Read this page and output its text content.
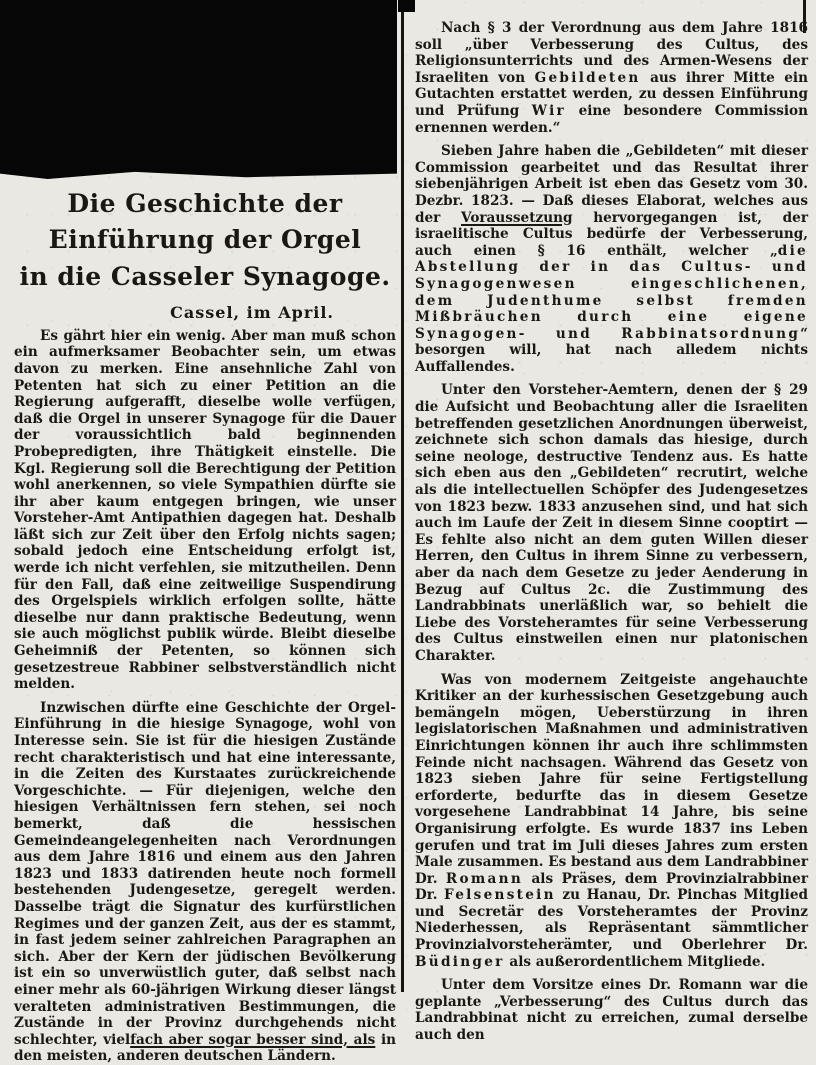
Die Geschichte der Einführung der Orgel
in die Casseler Synagoge.

Cassel, im April.

Es gährt hier ein wenig. Aber man muß schon ein aufmerksamer Beobachter sein, um etwas davon zu merken. Eine ansehnliche Zahl von Petenten hat sich zu einer Petition an die Regierung aufgerafft, dieselbe wolle verfügen, daß die Orgel in unserer Synagoge für die Dauer der voraussichtlich bald beginnenden Probepredigten, ihre Thätigkeit einstelle. Die Kgl. Regierung soll die Berechtigung der Petition wohl anerkennen, so viele Sympathien dürfte sie ihr aber kaum entgegen bringen, wie unser Vorsteher-Amt Antipathien dagegen hat. Deshalb läßt sich zur Zeit über den Erfolg nichts sagen; sobald jedoch eine Entscheidung erfolgt ist, werde ich nicht verfehlen, sie mitzutheilen. Denn für den Fall, daß eine zeitweilige Suspendirung des Orgelspiels wirklich erfolgen sollte, hätte dieselbe nur dann praktische Bedeutung, wenn sie auch möglichst publik würde. Bleibt dieselbe Geheimniß der Petenten, so können sich gesetzestreue Rabbiner selbstverständlich nicht melden.

Inzwischen dürfte eine Geschichte der Orgel-Einführung in die hiesige Synagoge, wohl von Interesse sein. Sie ist für die hiesigen Zustände recht charakteristisch und hat eine interessante, in die Zeiten des Kurstaates zurückreichende Vorgeschichte. — Für diejenigen, welche den hiesigen Verhältnissen fern stehen, sei noch bemerkt, daß die hessischen Gemeindeangelegenheiten nach Verordnungen aus dem Jahre 1816 und einem aus den Jahren 1823 und 1833 datirenden heute noch formell bestehenden Judengesetze, geregelt werden. Dasselbe trägt die Signatur des kurfürstlichen Regimes und der ganzen Zeit, aus der es stammt, in fast jedem seiner zahlreichen Paragraphen an sich. Aber der Kern der jüdischen Bevölkerung ist ein so unverwüstlich guter, daß selbst nach einer mehr als 60-jährigen Wirkung dieser längst veralteten administrativen Bestimmungen, die Zustände in der Provinz durchgehends nicht schlechter, vielfach aber sogar besser sind, als in den meisten, anderen deutschen Ländern.

Nach § 3 der Verordnung aus dem Jahre 1816 soll „über Verbesserung des Cultus, des Religionsunterrichts und des Armen-Wesens der Israeliten von Gebildeten aus ihrer Mitte ein Gutachten erstattet werden, zu dessen Einführung und Prüfung Wir eine besondere Commission ernennen werden.“

Sieben Jahre haben die „Gebildeten“ mit dieser Commission gearbeitet und das Resultat ihrer siebenjährigen Arbeit ist eben das Gesetz vom 30. Dezbr. 1823. — Daß dieses Elaborat, welches aus der Voraussetzung hervorgegangen ist, der israelitische Cultus bedürfe der Verbesserung, auch einen § 16 enthält, welcher „die Abstellung der in das Cultus- und Synagogenwesen eingeschlichenen, dem Judenthume selbst fremden Mißbräuchen durch eine eigene Synagogen- und Rabbinatsordnung“ besorgen will, hat nach alledem nichts Auffallendes.

Unter den Vorsteher-Aemtern, denen der § 29 die Aufsicht und Beobachtung aller die Israeliten betreffenden gesetzlichen Anordnungen überweist, zeichnete sich schon damals das hiesige, durch seine neologe, destructive Tendenz aus. Es hatte sich eben aus den „Gebildeten“ recrutirt, welche als die intellectuellen Schöpfer des Judengesetzes von 1823 bezw. 1833 anzusehen sind, und hat sich auch im Laufe der Zeit in diesem Sinne cooptirt — Es fehlte also nicht an dem guten Willen dieser Herren, den Cultus in ihrem Sinne zu verbessern, aber da nach dem Gesetze zu jeder Aenderung in Bezug auf Cultus 2c. die Zustimmung des Landrabbinats unerläßlich war, so behielt die Liebe des Vorsteheramtes für seine Verbesserung des Cultus einstweilen einen nur platonischen Charakter.

Was von modernem Zeitgeiste angehauchte Kritiker an der kurhessischen Gesetzgebung auch bemängeln mögen, Ueberstürzung in ihren legislatorischen Maßnahmen und administrativen Einrichtungen können ihr auch ihre schlimmsten Feinde nicht nachsagen. Während das Gesetz von 1823 sieben Jahre für seine Fertigstellung erforderte, bedurfte das in diesem Gesetze vorgesehene Landrabbinat 14 Jahre, bis seine Organisirung erfolgte. Es wurde 1837 ins Leben gerufen und trat im Juli dieses Jahres zum ersten Male zusammen. Es bestand aus dem Landrabbiner Dr. Romann als Präses, dem Provinzialrabbiner Dr. Felsenstein zu Hanau, Dr. Pinchas Mitglied und Secretär des Vorsteheramtes der Provinz Niederhessen, als Repräsentant sämmtlicher Provinzialvorsteherämter, und Oberlehrer Dr. Büdinger als außerordentlichem Mitgliede.

Unter dem Vorsitze eines Dr. Romann war die geplante „Verbesserung“ des Cultus durch das Landrabbinat nicht zu erreichen, zumal derselbe auch den
